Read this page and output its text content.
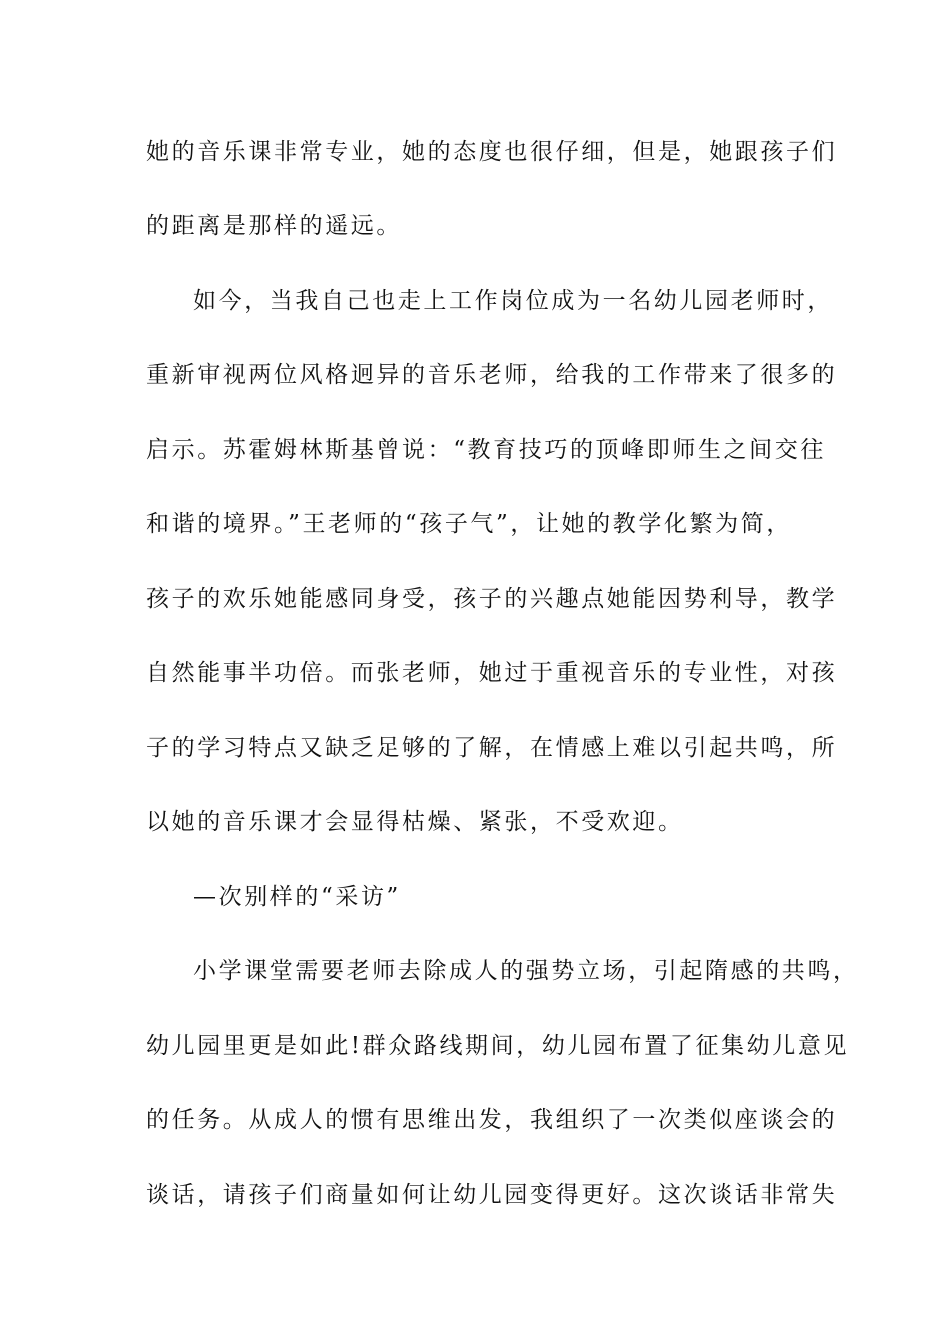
她的音乐课非常专业，她的态度也很仔细，但是，她跟孩子们
的距离是那样的遥远。
如今，当我自己也走上工作岗位成为一名幼儿园老师时，
重新审视两位风格迥异的音乐老师，给我的工作带来了很多的
启示。苏霍姆林斯基曾说：“教育技巧的顶峰即师生之间交往
和谐的境界。”王老师的“孩子气”，让她的教学化繁为简，
孩子的欢乐她能感同身受，孩子的兴趣点她能因势利导，教学
自然能事半功倍。而张老师，她过于重视音乐的专业性，对孩
子的学习特点又缺乏足够的了解，在情感上难以引起共鸣，所
以她的音乐课才会显得枯燥、紧张，不受欢迎。
—次别样的“采访”
小学课堂需要老师去除成人的强势立场，引起隋感的共鸣，
幼儿园里更是如此!群众路线期间，幼儿园布置了征集幼儿意见
的任务。从成人的惯有思维出发，我组织了一次类似座谈会的
谈话，请孩子们商量如何让幼儿园变得更好。这次谈话非常失
